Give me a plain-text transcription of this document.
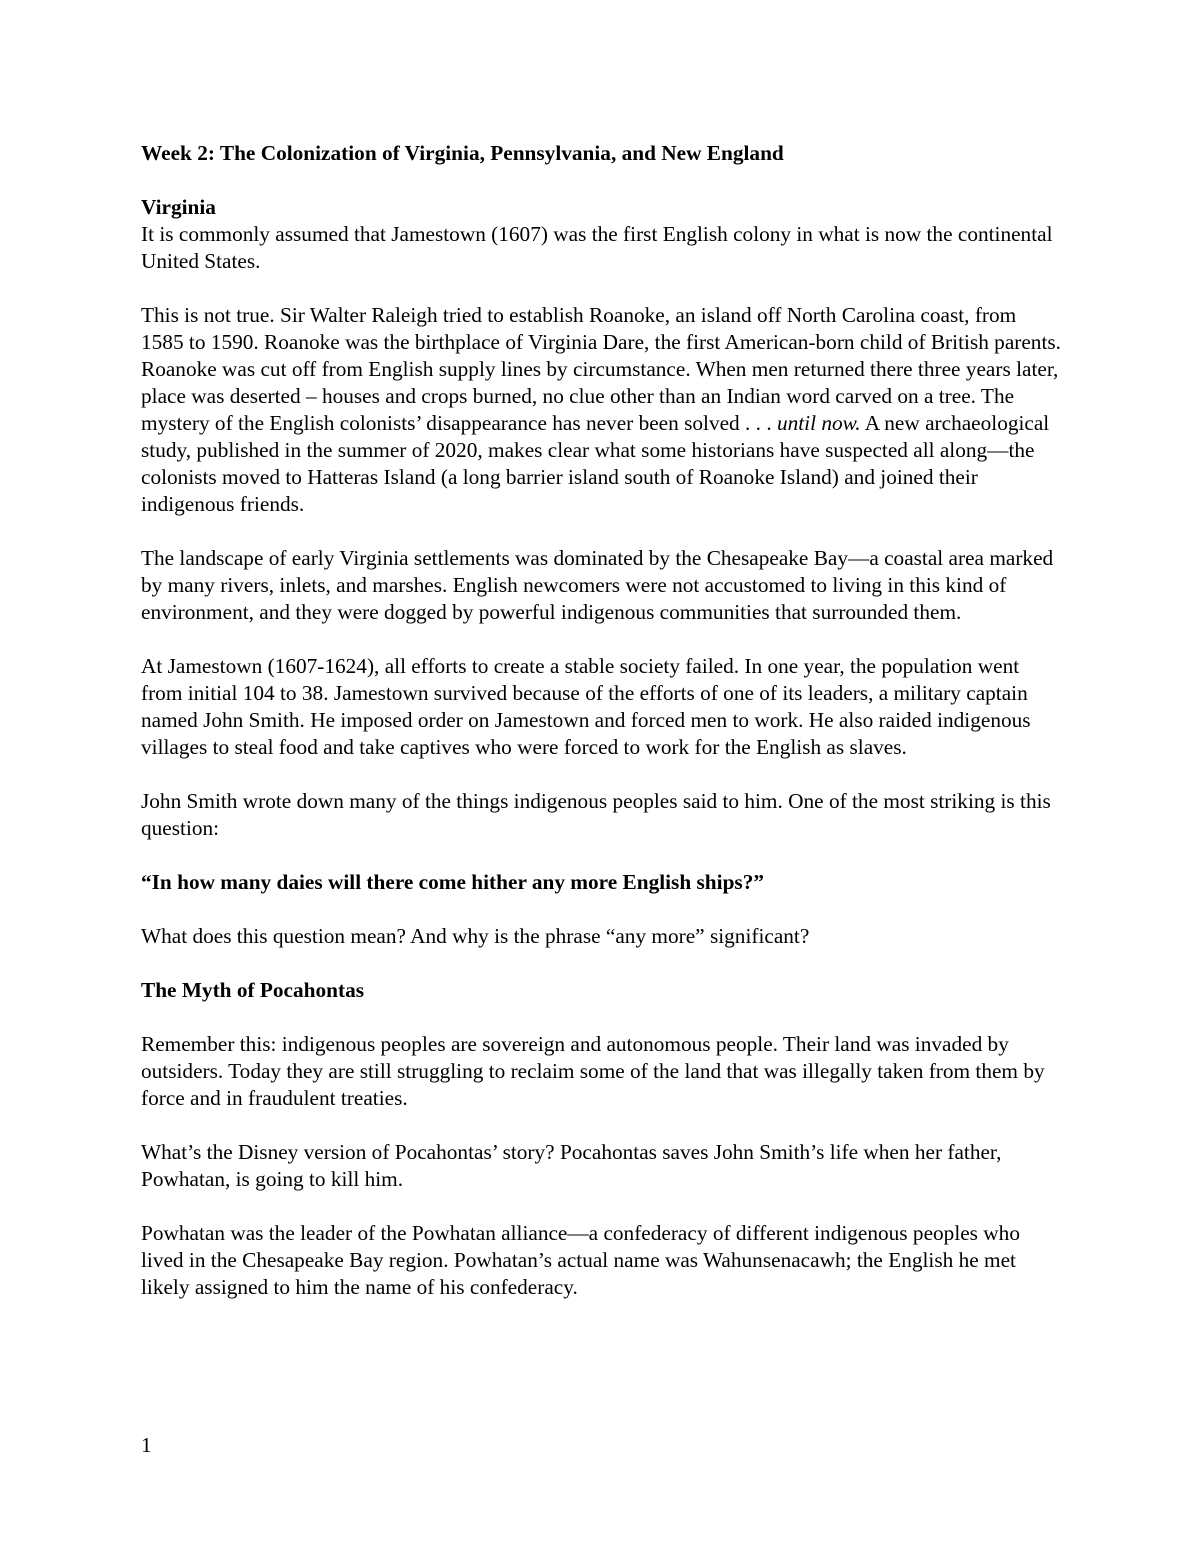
Week 2: The Colonization of Virginia, Pennsylvania, and New England
Virginia

It is commonly assumed that Jamestown (1607) was the first English colony in what is now the continental United States.

This is not true. Sir Walter Raleigh tried to establish Roanoke, an island off North Carolina coast, from 1585 to 1590. Roanoke was the birthplace of Virginia Dare, the first American-born child of British parents. Roanoke was cut off from English supply lines by circumstance. When men returned there three years later, place was deserted – houses and crops burned, no clue other than an Indian word carved on a tree. The mystery of the English colonists’ disappearance has never been solved . . . until now. A new archaeological study, published in the summer of 2020, makes clear what some historians have suspected all along—the colonists moved to Hatteras Island (a long barrier island south of Roanoke Island) and joined their indigenous friends.

The landscape of early Virginia settlements was dominated by the Chesapeake Bay—a coastal area marked by many rivers, inlets, and marshes. English newcomers were not accustomed to living in this kind of environment, and they were dogged by powerful indigenous communities that surrounded them.

At Jamestown (1607-1624), all efforts to create a stable society failed. In one year, the population went from initial 104 to 38. Jamestown survived because of the efforts of one of its leaders, a military captain named John Smith. He imposed order on Jamestown and forced men to work. He also raided indigenous villages to steal food and take captives who were forced to work for the English as slaves.

John Smith wrote down many of the things indigenous peoples said to him. One of the most striking is this question:

“In how many daies will there come hither any more English ships?”

What does this question mean? And why is the phrase “any more” significant?

The Myth of Pocahontas

Remember this: indigenous peoples are sovereign and autonomous people. Their land was invaded by outsiders. Today they are still struggling to reclaim some of the land that was illegally taken from them by force and in fraudulent treaties.

What’s the Disney version of Pocahontas’ story? Pocahontas saves John Smith’s life when her father, Powhatan, is going to kill him.

Powhatan was the leader of the Powhatan alliance—a confederacy of different indigenous peoples who lived in the Chesapeake Bay region. Powhatan’s actual name was Wahunsenacawh; the English he met likely assigned to him the name of his confederacy.

1
